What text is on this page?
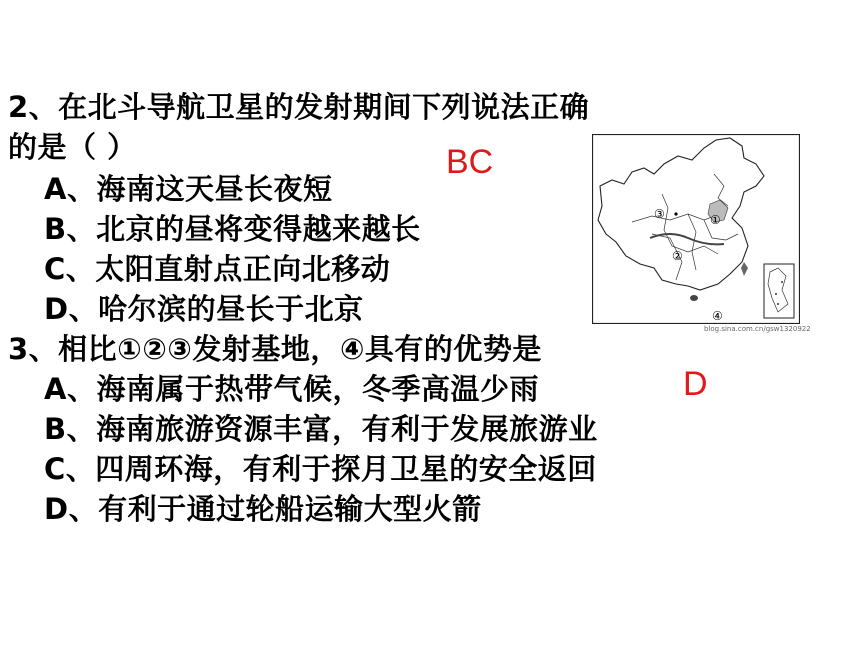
2、在北斗导航卫星的发射期间下列说法正确
的是（ ）
A、海南这天昼长夜短
B、北京的昼将变得越来越长
C、太阳直射点正向北移动
D、哈尔滨的昼长于北京
BC
3、相比①②③发射基地，④具有的优势是
A、海南属于热带气候，冬季高温少雨
B、海南旅游资源丰富，有利于发展旅游业
C、四周环海，有利于探月卫星的安全返回
D、有利于通过轮船运输大型火箭
D
③	①
②
④
blog.sina.com.cn/gsw1320922
